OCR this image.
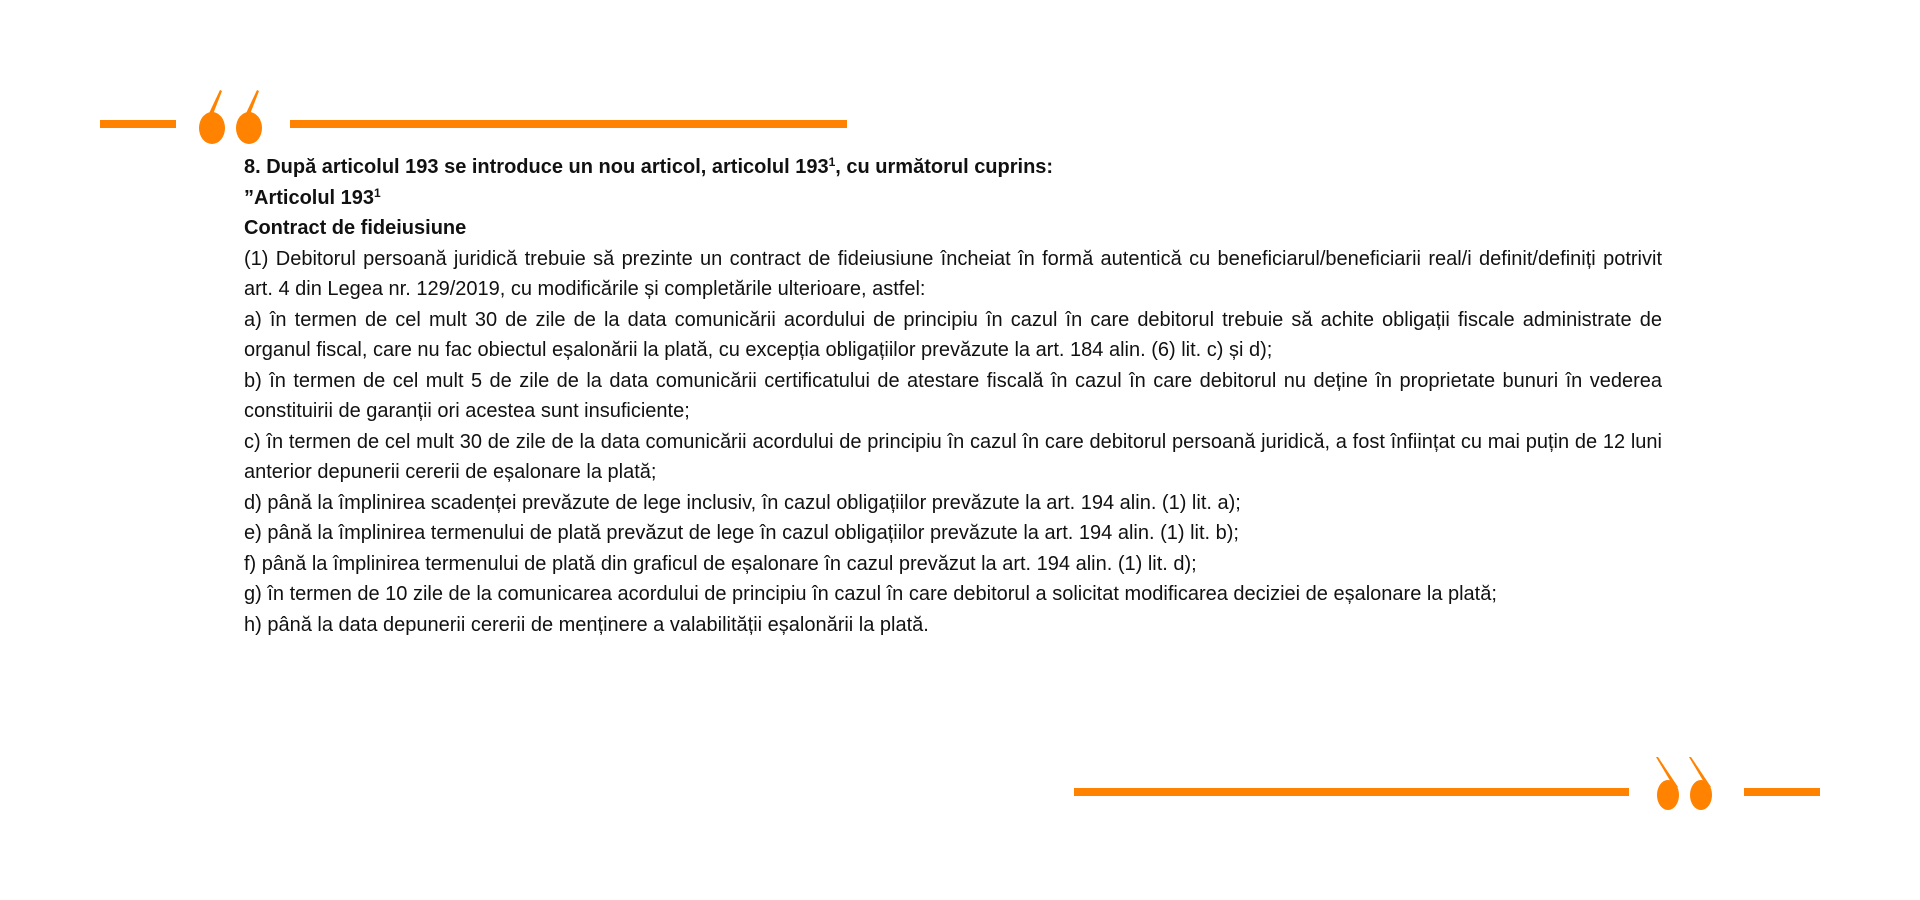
8. După articolul 193 se introduce un nou articol, articolul $193^1$, cu următorul cuprins:

”Articolul $193^1$

Contract de fideiusiune

(1) Debitorul persoană juridică trebuie să prezinte un contract de fideiusiune încheiat în formă autentică cu beneficiarul/beneficiarii real/i definit/definiți potrivit art. 4 din Legea nr. 129/2019, cu modificările și completările ulterioare, astfel:

a) în termen de cel mult 30 de zile de la data comunicării acordului de principiu în cazul în care debitorul trebuie să achite obligații fiscale administrate de organul fiscal, care nu fac obiectul eșalonării la plată, cu excepția obligațiilor prevăzute la art. 184 alin. (6) lit. c) și d);

b) în termen de cel mult 5 de zile de la data comunicării certificatului de atestare fiscală în cazul în care debitorul nu deține în proprietate bunuri în vederea constituirii de garanții ori acestea sunt insuficiente;

c) în termen de cel mult 30 de zile de la data comunicării acordului de principiu în cazul în care debitorul persoană juridică, a fost înființat cu mai puțin de 12 luni anterior depunerii cererii de eșalonare la plată;

d) până la împlinirea scadenței prevăzute de lege inclusiv, în cazul obligațiilor prevăzute la art. 194 alin. (1) lit. a);

e) până la împlinirea termenului de plată prevăzut de lege în cazul obligațiilor prevăzute la art. 194 alin. (1) lit. b);

f) până la împlinirea termenului de plată din graficul de eșalonare în cazul prevăzut la art. 194 alin. (1) lit. d);

g) în termen de 10 zile de la comunicarea acordului de principiu în cazul în care debitorul a solicitat modificarea deciziei de eșalonare la plată;

h) până la data depunerii cererii de menținere a valabilității eșalonării la plată.
